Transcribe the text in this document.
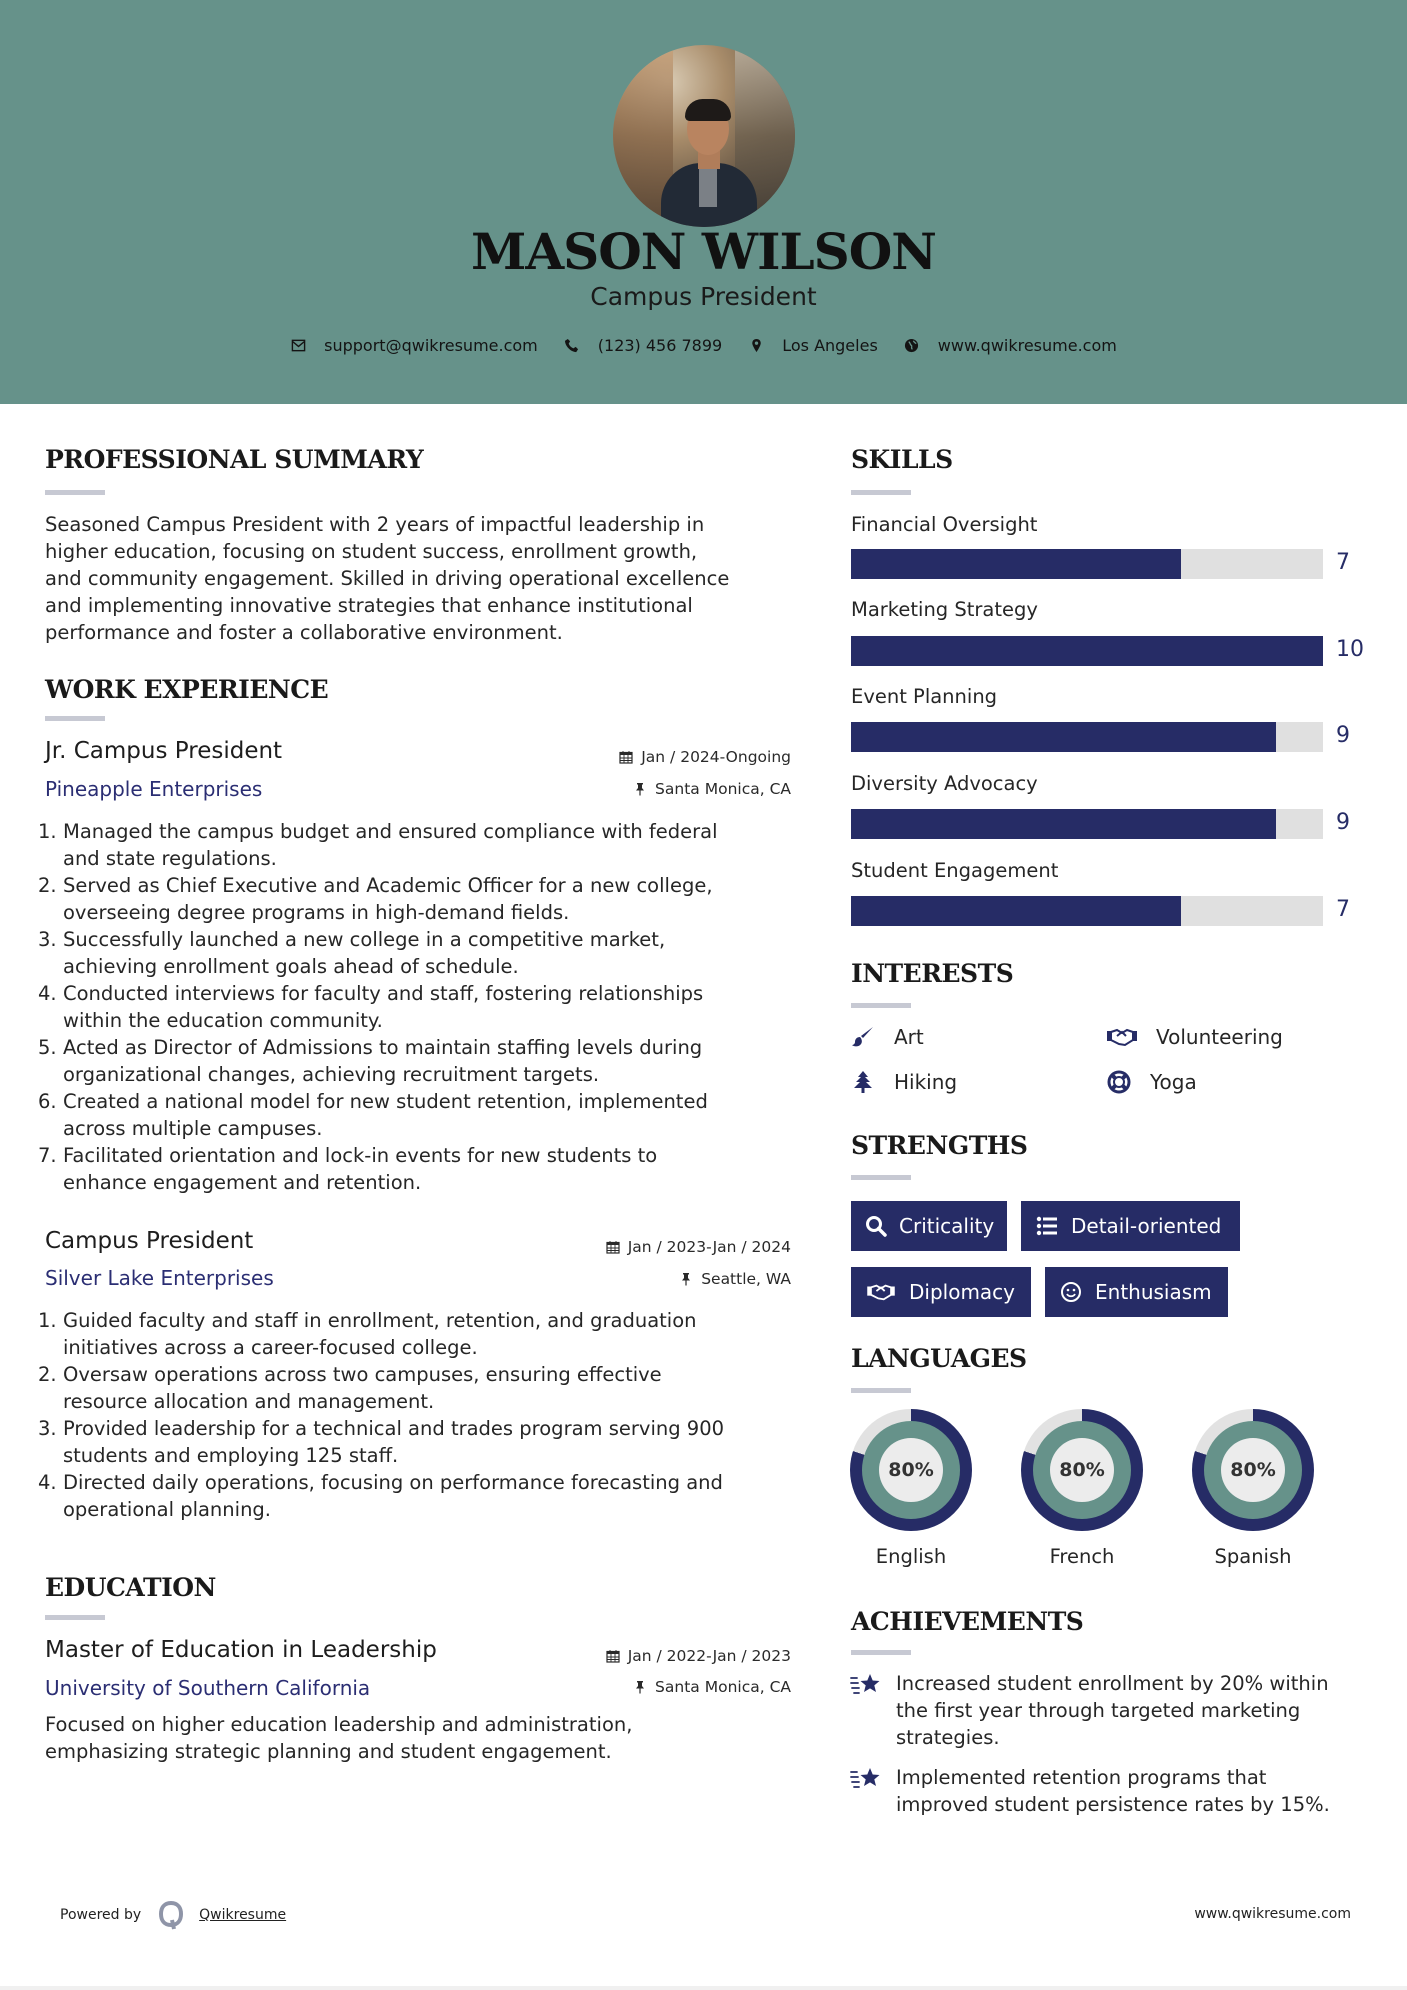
MASON WILSON
Campus President
support@qwikresume.com	(123) 456 7899	Los Angeles	www.qwikresume.com
PROFESSIONAL SUMMARY
Seasoned Campus President with 2 years of impactful leadership in
higher education, focusing on student success, enrollment growth,
and community engagement. Skilled in driving operational excellence
and implementing innovative strategies that enhance institutional
performance and foster a collaborative environment.
WORK EXPERIENCE
Jr. Campus President	Jan / 2024-Ongoing
Pineapple Enterprises	Santa Monica, CA
1. Managed the campus budget and ensured compliance with federal
and state regulations.
2. Served as Chief Executive and Academic Officer for a new college,
overseeing degree programs in high-demand fields.
3. Successfully launched a new college in a competitive market,
achieving enrollment goals ahead of schedule.
4. Conducted interviews for faculty and staff, fostering relationships
within the education community.
5. Acted as Director of Admissions to maintain staffing levels during
organizational changes, achieving recruitment targets.
6. Created a national model for new student retention, implemented
across multiple campuses.
7. Facilitated orientation and lock-in events for new students to
enhance engagement and retention.
Campus President	Jan / 2023-Jan / 2024
Silver Lake Enterprises	Seattle, WA
1. Guided faculty and staff in enrollment, retention, and graduation
initiatives across a career-focused college.
2. Oversaw operations across two campuses, ensuring effective
resource allocation and management.
3. Provided leadership for a technical and trades program serving 900
students and employing 125 staff.
4. Directed daily operations, focusing on performance forecasting and
operational planning.
EDUCATION
Master of Education in Leadership	Jan / 2022-Jan / 2023
University of Southern California	Santa Monica, CA
Focused on higher education leadership and administration,
emphasizing strategic planning and student engagement.
SKILLS
Financial Oversight
7
Marketing Strategy
10
Event Planning
9
Diversity Advocacy
9
Student Engagement
7
INTERESTS
Art	Volunteering
Hiking	Yoga
STRENGTHS
Criticality	Detail-oriented
Diplomacy	Enthusiasm
LANGUAGES
80%
English
80%
French
80%
Spanish
ACHIEVEMENTS
Increased student enrollment by 20% within
the first year through targeted marketing
strategies.
Implemented retention programs that
improved student persistence rates by 15%.
Powered by	Qwikresume	www.qwikresume.com
